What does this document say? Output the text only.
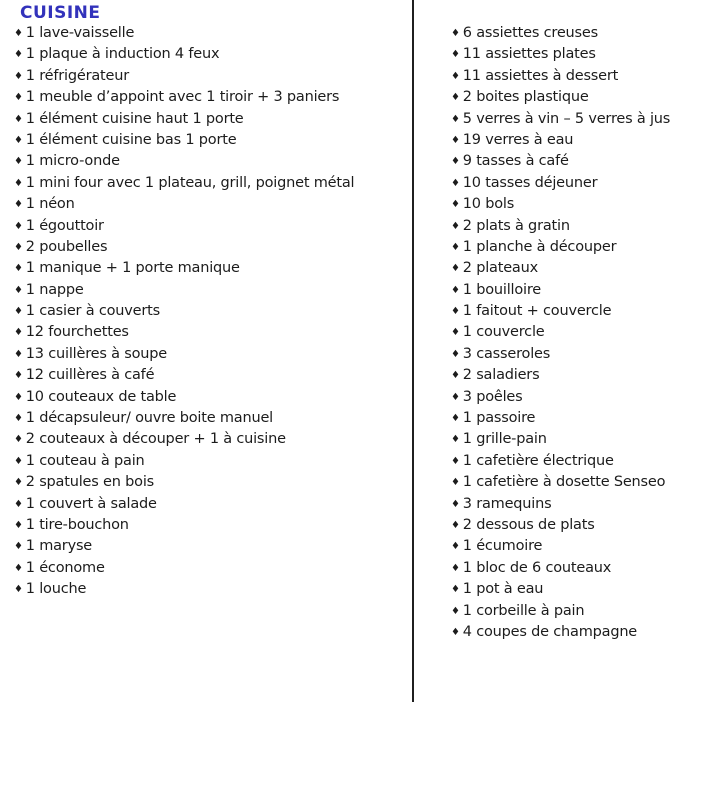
CUISINE
♦ 1 lave-vaisselle
♦ 1 plaque à induction 4 feux
♦ 1 réfrigérateur
♦ 1 meuble d’appoint avec 1 tiroir + 3 paniers
♦ 1 élément cuisine haut 1 porte
♦ 1 élément cuisine bas 1 porte
♦ 1 micro-onde
♦ 1 mini four avec 1 plateau, grill, poignet métal
♦ 1 néon
♦ 1 égouttoir
♦ 2 poubelles
♦ 1 manique + 1 porte manique
♦ 1 nappe
♦ 1 casier à couverts
♦ 12 fourchettes
♦ 13 cuillères à soupe
♦ 12 cuillères à café
♦ 10 couteaux de table
♦ 1 décapsuleur/ ouvre boite manuel
♦ 2 couteaux à découper + 1 à cuisine
♦ 1 couteau à pain
♦ 2 spatules en bois
♦ 1 couvert à salade
♦ 1 tire-bouchon
♦ 1 maryse
♦ 1 économe
♦ 1 louche
♦ 6 assiettes creuses
♦ 11 assiettes plates
♦ 11 assiettes à dessert
♦ 2 boites plastique
♦ 5 verres à vin – 5 verres à jus
♦ 19 verres à eau
♦ 9 tasses à café
♦ 10 tasses déjeuner
♦ 10 bols
♦ 2 plats à gratin
♦ 1 planche à découper
♦ 2 plateaux
♦ 1 bouilloire
♦ 1 faitout + couvercle
♦ 1 couvercle
♦ 3 casseroles
♦ 2 saladiers
♦ 3 poêles
♦ 1 passoire
♦ 1 grille-pain
♦ 1 cafetière électrique
♦ 1 cafetière à dosette Senseo
♦ 3 ramequins
♦ 2 dessous de plats
♦ 1 écumoire
♦ 1 bloc de 6 couteaux
♦ 1 pot à eau
♦ 1 corbeille à pain
♦ 4 coupes de champagne
